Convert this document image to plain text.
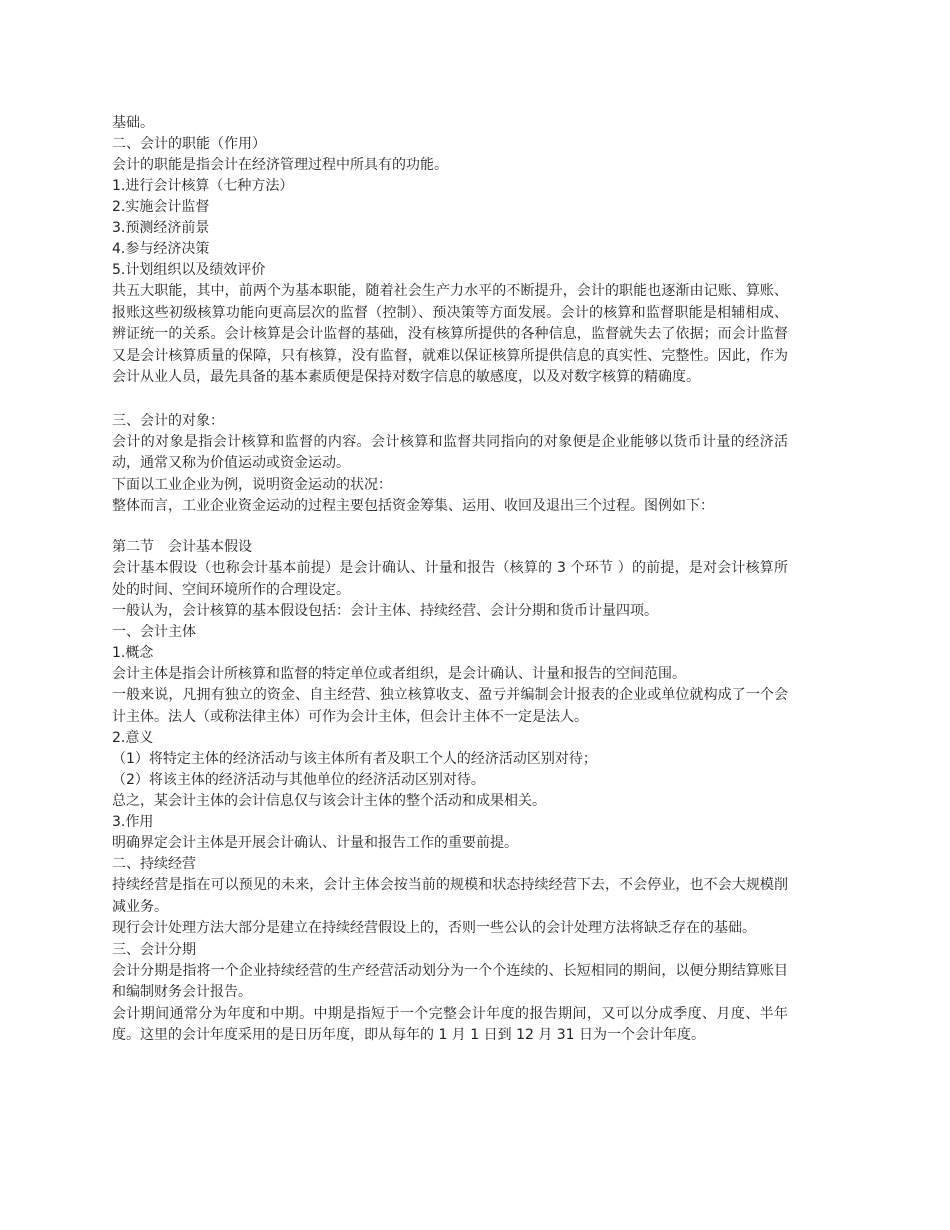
基础。

二、会计的职能（作用）

会计的职能是指会计在经济管理过程中所具有的功能。

1.进行会计核算（七种方法）

2.实施会计监督

3.预测经济前景

4.参与经济决策

5.计划组织以及绩效评价

共五大职能，其中，前两个为基本职能，随着社会生产力水平的不断提升，会计的职能也逐渐由记账、算账、报账这些初级核算功能向更高层次的监督（控制）、预决策等方面发展。会计的核算和监督职能是相辅相成、辨证统一的关系。会计核算是会计监督的基础，没有核算所提供的各种信息，监督就失去了依据；而会计监督又是会计核算质量的保障，只有核算，没有监督，就难以保证核算所提供信息的真实性、完整性。因此，作为会计从业人员，最先具备的基本素质便是保持对数字信息的敏感度，以及对数字核算的精确度。

三、会计的对象：

会计的对象是指会计核算和监督的内容。会计核算和监督共同指向的对象便是企业能够以货币计量的经济活动，通常又称为价值运动或资金运动。

下面以工业企业为例，说明资金运动的状况：

整体而言，工业企业资金运动的过程主要包括资金筹集、运用、收回及退出三个过程。图例如下：

第二节　会计基本假设

会计基本假设（也称会计基本前提）是会计确认、计量和报告（核算的 3 个环节 ）的前提，是对会计核算所处的时间、空间环境所作的合理设定。

一般认为，会计核算的基本假设包括：会计主体、持续经营、会计分期和货币计量四项。

一、会计主体

1.概念

会计主体是指会计所核算和监督的特定单位或者组织，是会计确认、计量和报告的空间范围。

一般来说，凡拥有独立的资金、自主经营、独立核算收支、盈亏并编制会计报表的企业或单位就构成了一个会计主体。法人（或称法律主体）可作为会计主体，但会计主体不一定是法人。

2.意义

（1）将特定主体的经济活动与该主体所有者及职工个人的经济活动区别对待；

（2）将该主体的经济活动与其他单位的经济活动区别对待。

总之，某会计主体的会计信息仅与该会计主体的整个活动和成果相关。

3.作用

明确界定会计主体是开展会计确认、计量和报告工作的重要前提。

二、持续经营

持续经营是指在可以预见的未来，会计主体会按当前的规模和状态持续经营下去，不会停业，也不会大规模削减业务。

现行会计处理方法大部分是建立在持续经营假设上的，否则一些公认的会计处理方法将缺乏存在的基础。

三、会计分期

会计分期是指将一个企业持续经营的生产经营活动划分为一个个连续的、长短相同的期间，以便分期结算账目和编制财务会计报告。

会计期间通常分为年度和中期。中期是指短于一个完整会计年度的报告期间，又可以分成季度、月度、半年度。这里的会计年度采用的是日历年度，即从每年的 1 月 1 日到 12 月 31 日为一个会计年度。
